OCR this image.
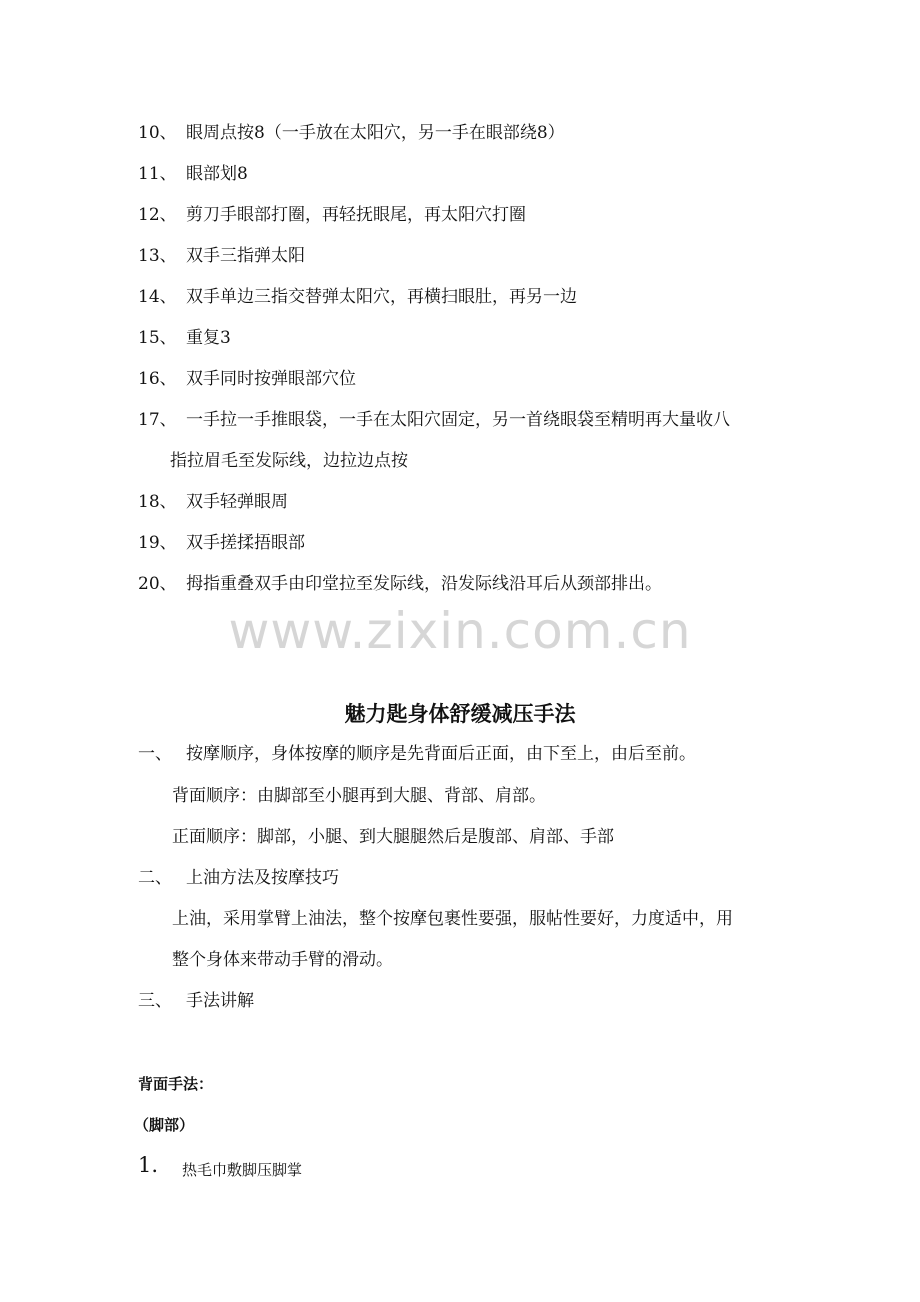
10、 眼周点按8（一手放在太阳穴，另一手在眼部绕8）
11、 眼部划8
12、 剪刀手眼部打圈，再轻抚眼尾，再太阳穴打圈
13、 双手三指弹太阳
14、 双手单边三指交替弹太阳穴，再横扫眼肚，再另一边
15、 重复3
16、 双手同时按弹眼部穴位
17、 一手拉一手推眼袋，一手在太阳穴固定，另一首绕眼袋至精明再大量收八
指拉眉毛至发际线，边拉边点按
18、 双手轻弹眼周
19、 双手搓揉捂眼部
20、 拇指重叠双手由印堂拉至发际线，沿发际线沿耳后从颈部排出。
www.zixin.com.cn
魅力匙身体舒缓减压手法
一、 按摩顺序，身体按摩的顺序是先背面后正面，由下至上，由后至前。
背面顺序：由脚部至小腿再到大腿、背部、肩部。
正面顺序：脚部，小腿、到大腿腿然后是腹部、肩部、手部
二、 上油方法及按摩技巧
上油，采用掌臂上油法，整个按摩包裹性要强，服帖性要好，力度适中，用
整个身体来带动手臂的滑动。
三、 手法讲解
背面手法：
（脚部）
1. 热毛巾敷脚压脚掌
